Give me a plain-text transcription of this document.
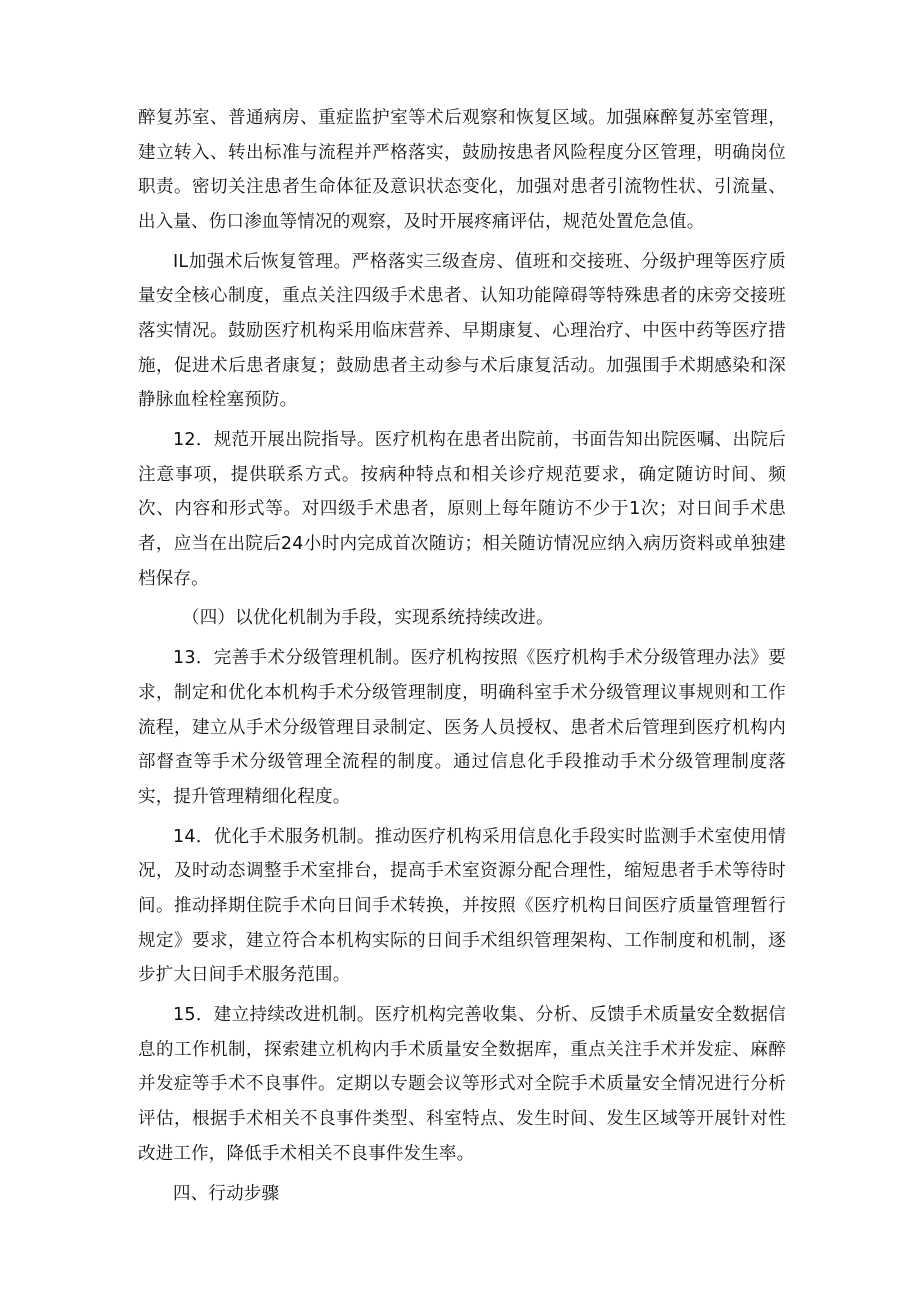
醉复苏室、普通病房、重症监护室等术后观察和恢复区域。加强麻醉复苏室管理，建立转入、转出标准与流程并严格落实，鼓励按患者风险程度分区管理，明确岗位职责。密切关注患者生命体征及意识状态变化，加强对患者引流物性状、引流量、出入量、伤口渗血等情况的观察，及时开展疼痛评估，规范处置危急值。

IL加强术后恢复管理。严格落实三级查房、值班和交接班、分级护理等医疗质量安全核心制度，重点关注四级手术患者、认知功能障碍等特殊患者的床旁交接班落实情况。鼓励医疗机构采用临床营养、早期康复、心理治疗、中医中药等医疗措施，促进术后患者康复；鼓励患者主动参与术后康复活动。加强围手术期感染和深静脉血栓栓塞预防。

12．规范开展出院指导。医疗机构在患者出院前，书面告知出院医嘱、出院后注意事项，提供联系方式。按病种特点和相关诊疗规范要求，确定随访时间、频次、内容和形式等。对四级手术患者，原则上每年随访不少于1次；对日间手术患者，应当在出院后24小时内完成首次随访；相关随访情况应纳入病历资料或单独建档保存。

（四）以优化机制为手段，实现系统持续改进。

13．完善手术分级管理机制。医疗机构按照《医疗机构手术分级管理办法》要求，制定和优化本机构手术分级管理制度，明确科室手术分级管理议事规则和工作流程，建立从手术分级管理目录制定、医务人员授权、患者术后管理到医疗机构内部督查等手术分级管理全流程的制度。通过信息化手段推动手术分级管理制度落实，提升管理精细化程度。

14．优化手术服务机制。推动医疗机构采用信息化手段实时监测手术室使用情况，及时动态调整手术室排台，提高手术室资源分配合理性，缩短患者手术等待时间。推动择期住院手术向日间手术转换，并按照《医疗机构日间医疗质量管理暂行规定》要求，建立符合本机构实际的日间手术组织管理架构、工作制度和机制，逐步扩大日间手术服务范围。

15．建立持续改进机制。医疗机构完善收集、分析、反馈手术质量安全数据信息的工作机制，探索建立机构内手术质量安全数据库，重点关注手术并发症、麻醉并发症等手术不良事件。定期以专题会议等形式对全院手术质量安全情况进行分析评估，根据手术相关不良事件类型、科室特点、发生时间、发生区域等开展针对性改进工作，降低手术相关不良事件发生率。

四、行动步骤
